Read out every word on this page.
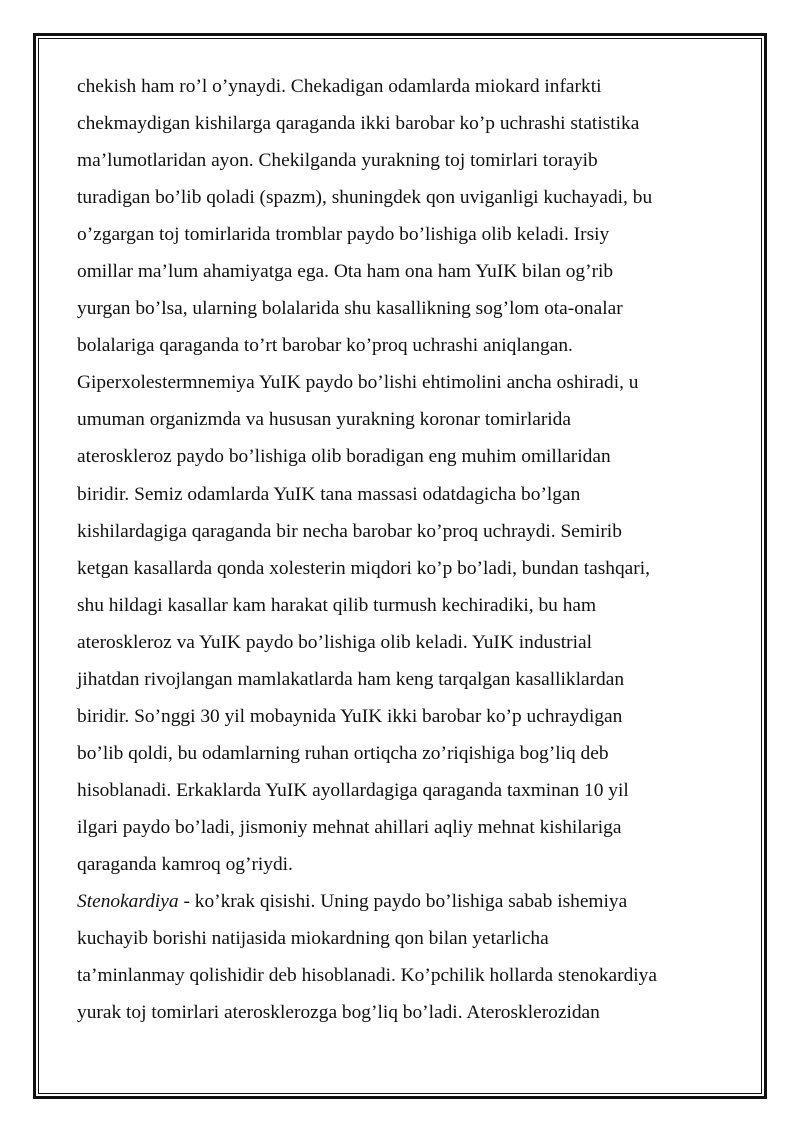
chekish ham ro’l o’ynaydi. Chekadigan odamlarda miokard infarkti
chekmaydigan kishilarga qaraganda ikki barobar ko’p uchrashi statistika
ma’lumotlaridan ayon. Chekilganda yurakning toj tomirlari torayib
turadigan bo’lib qoladi (spazm), shuningdek qon uviganligi kuchayadi, bu
o’zgargan toj tomirlarida tromblar paydo bo’lishiga olib keladi. Irsiy
omillar ma’lum ahamiyatga ega. Ota ham ona ham YuIK bilan og’rib
yurgan bo’lsa, ularning bolalarida shu kasallikning sog’lom ota-onalar
bolalariga qaraganda to’rt barobar ko’proq uchrashi aniqlangan.
Giperxolestermnemiya YuIK paydo bo’lishi ehtimolini ancha oshiradi, u
umuman organizmda va hususan yurakning koronar tomirlarida
ateroskleroz paydo bo’lishiga olib boradigan eng muhim omillaridan
biridir. Semiz odamlarda YuIK tana massasi odatdagicha bo’lgan
kishilardagiga qaraganda bir necha barobar ko’proq uchraydi. Semirib
ketgan kasallarda qonda xolesterin miqdori ko’p bo’ladi, bundan tashqari,
shu hildagi kasallar kam harakat qilib turmush kechiradiki, bu ham
ateroskleroz va YuIK paydo bo’lishiga olib keladi. YuIK industrial
jihatdan rivojlangan mamlakatlarda ham keng tarqalgan kasalliklardan
biridir. So’nggi 30 yil mobaynida YuIK ikki barobar ko’p uchraydigan
bo’lib qoldi, bu odamlarning ruhan ortiqcha zo’riqishiga bog’liq deb
hisoblanadi. Erkaklarda YuIK ayollardagiga qaraganda taxminan 10 yil
ilgari paydo bo’ladi, jismoniy mehnat ahillari aqliy mehnat kishilariga
qaraganda kamroq og’riydi.
Stenokardiya - ko’krak qisishi. Uning paydo bo’lishiga sabab ishemiya
kuchayib borishi natijasida miokardning qon bilan yetarlicha
ta’minlanmay qolishidir deb hisoblanadi. Ko’pchilik hollarda stenokardiya
yurak toj tomirlari aterosklerozga bog’liq bo’ladi. Aterosklerozidan
